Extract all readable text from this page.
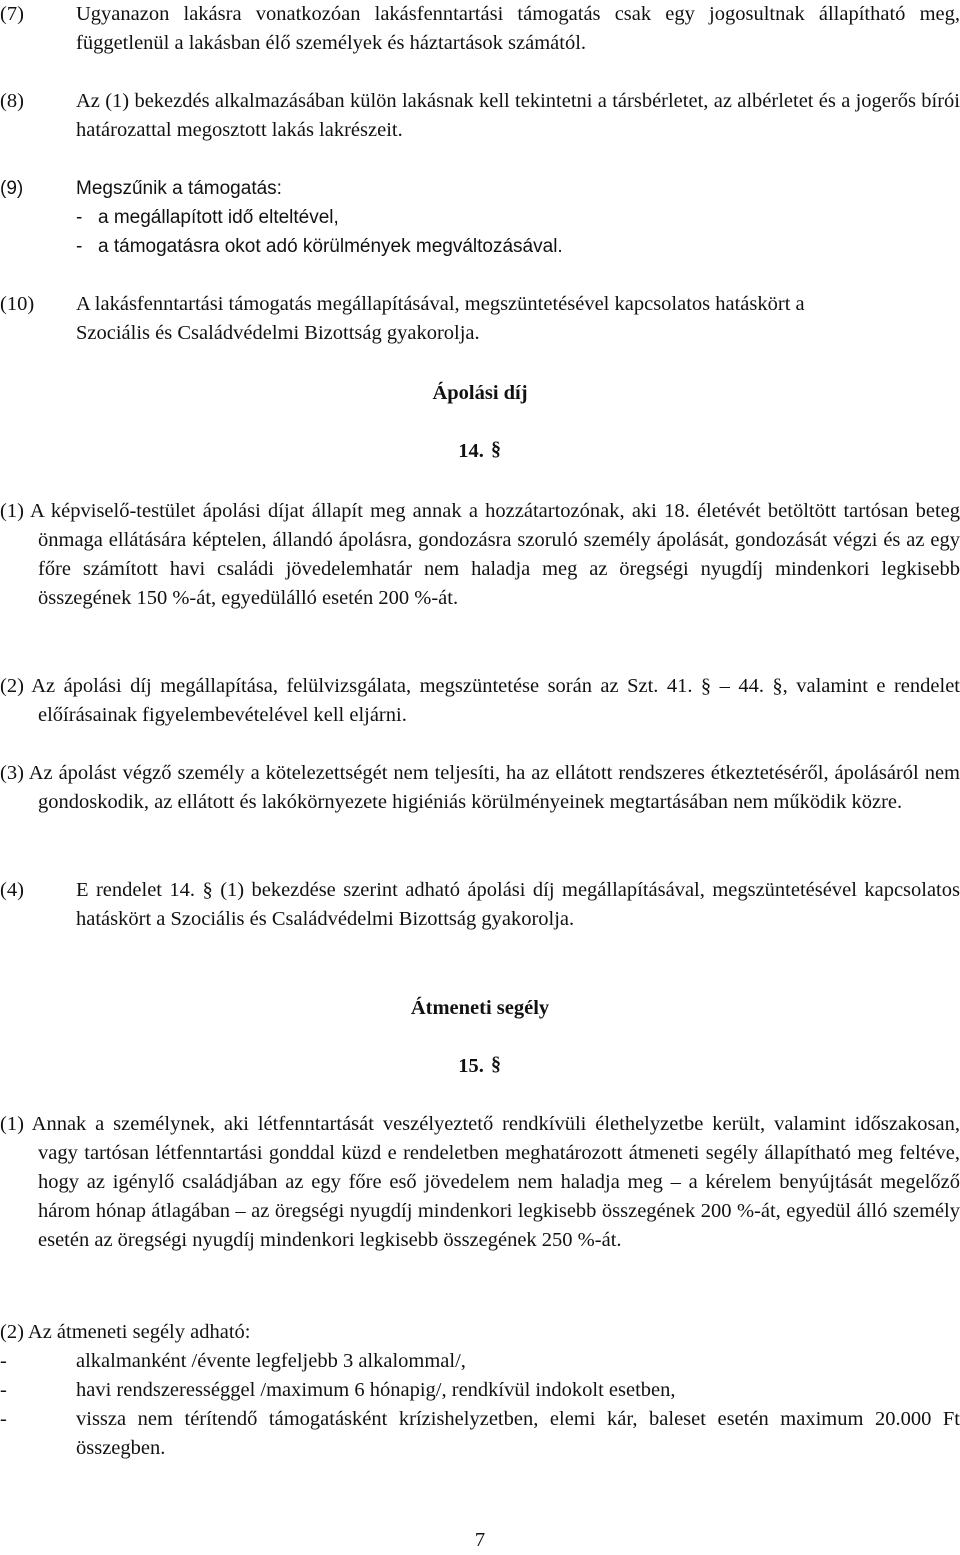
(7)	Ugyanazon lakásra vonatkozóan lakásfenntartási támogatás csak egy jogosultnak állapítható meg, függetlenül a lakásban élő személyek és háztartások számától.
(8)	Az (1) bekezdés alkalmazásában külön lakásnak kell tekintetni a társbérletet, az albérletet és a jogerős bírói határozattal megosztott lakás lakrészeit.
(9)	Megszűnik a támogatás:
- a megállapított idő elteltével,
- a támogatásra okot adó körülmények megváltozásával.
(10) A lakásfenntartási támogatás megállapításával, megszüntetésével kapcsolatos hatáskört a Szociális és Családvédelmi Bizottság gyakorolja.
Ápolási díj
14. §
(1) A képviselő-testület ápolási díjat állapít meg annak a hozzátartozónak, aki 18. életévét betöltött tartósan beteg önmaga ellátására képtelen, állandó ápolásra, gondozásra szoruló személy ápolását, gondozását végzi és az egy főre számított havi családi jövedelemhatár nem haladja meg az öregségi nyugdíj mindenkori legkisebb összegének 150 %-át, egyedülálló esetén 200 %-át.
(2) Az ápolási díj megállapítása, felülvizsgálata, megszüntetése során az Szt. 41. § – 44. §, valamint e rendelet előírásainak figyelembevételével kell eljárni.
(3) Az ápolást végző személy a kötelezettségét nem teljesíti, ha az ellátott rendszeres étkeztetéséről, ápolásáról nem gondoskodik, az ellátott és lakókörnyezete higiéniás körülményeinek megtartásában nem működik közre.
(4)	E rendelet 14. § (1) bekezdése szerint adható ápolási díj megállapításával, megszüntetésével kapcsolatos hatáskört a Szociális és Családvédelmi Bizottság gyakorolja.
Átmeneti segély
15. §
(1) Annak a személynek, aki létfenntartását veszélyeztető rendkívüli élethelyzetbe került, valamint időszakosan, vagy tartósan létfenntartási gonddal küzd e rendeletben meghatározott átmeneti segély állapítható meg feltéve, hogy az igénylő családjában az egy főre eső jövedelem nem haladja meg – a kérelem benyújtását megelőző három hónap átlagában – az öregségi nyugdíj mindenkori legkisebb összegének 200 %-át, egyedül álló személy esetén az öregségi nyugdíj mindenkori legkisebb összegének 250 %-át.
(2) Az átmeneti segély adható:
-	alkalmanként /évente legfeljebb 3 alkalommal/,
-	havi rendszerességgel /maximum 6 hónapig/, rendkívül indokolt esetben,
-	vissza nem térítendő támogatásként krízishelyzetben, elemi kár, baleset esetén maximum 20.000 Ft összegben.
7
